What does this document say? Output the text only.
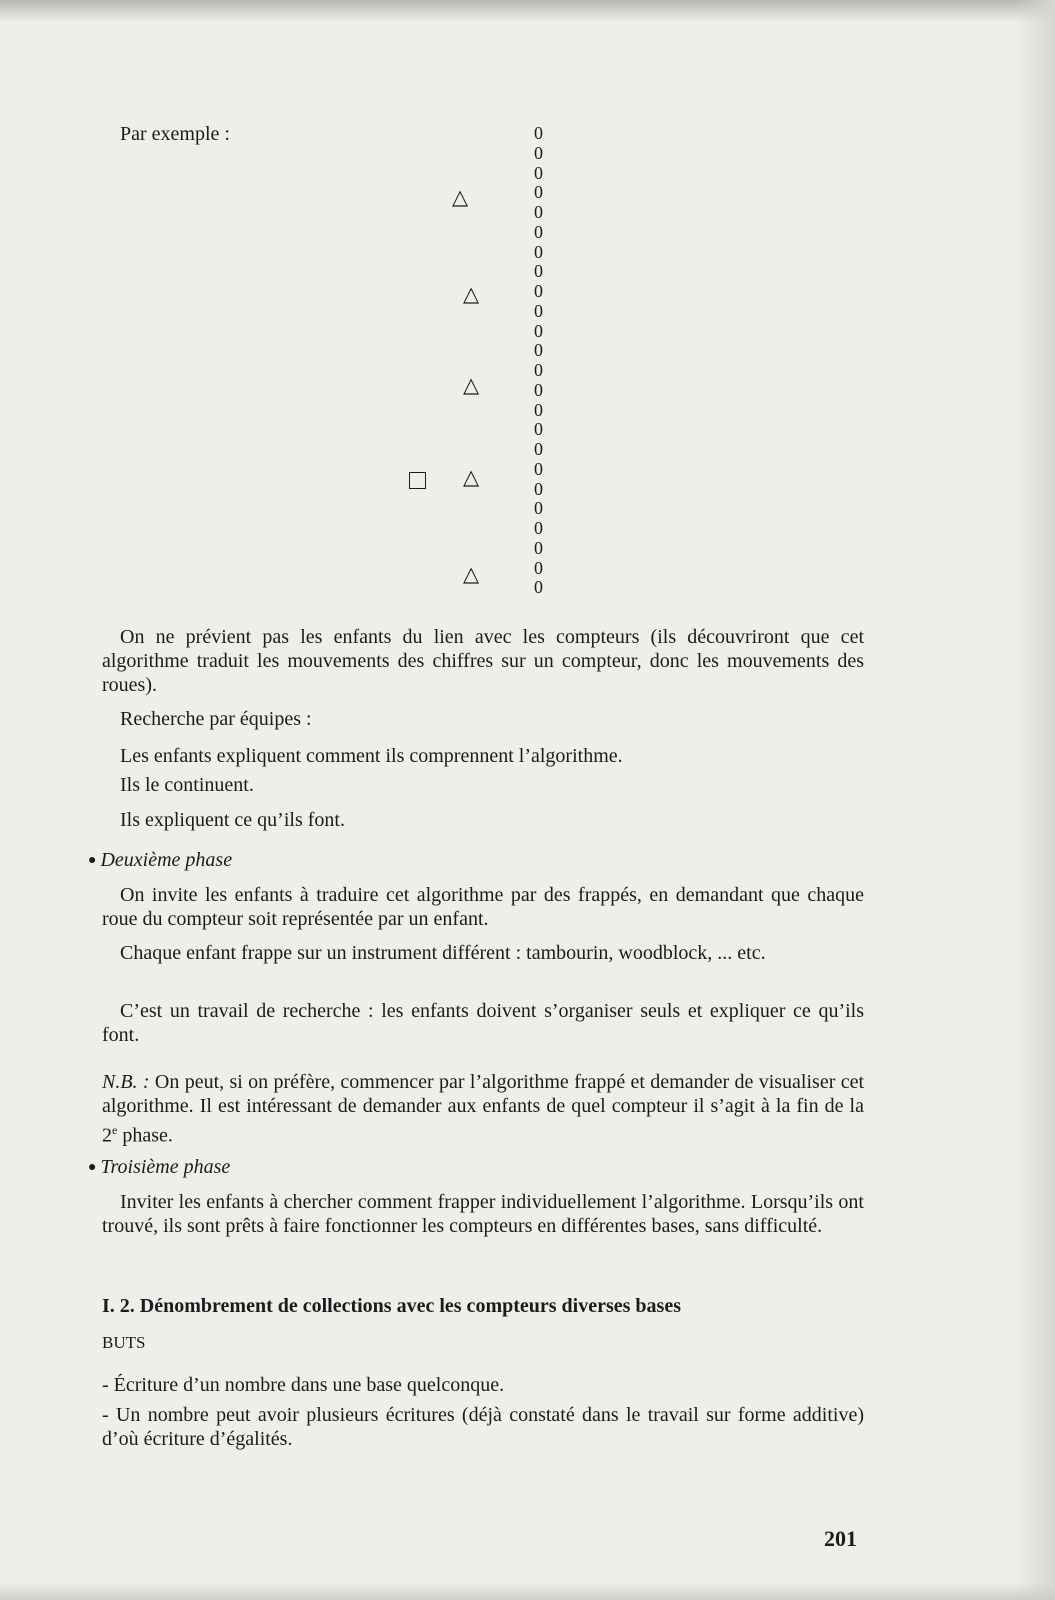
Par exemple :	0
0
0
0
0
0
0
0
0
0
0
0
0
0
0
0
0
0
0
0
0
0
0
0
△
△
△
△
△
On ne prévient pas les enfants du lien avec les compteurs (ils découvriront que cet algorithme traduit les mouvements des chiffres sur un compteur, donc les mouvements des roues).
Recherche par équipes :
Les enfants expliquent comment ils comprennent l’algorithme.
Ils le continuent.
Ils expliquent ce qu’ils font.
● Deuxième phase
On invite les enfants à traduire cet algorithme par des frappés, en demandant que chaque roue du compteur soit représentée par un enfant.
Chaque enfant frappe sur un instrument différent : tambourin, woodblock, ... etc.
C’est un travail de recherche : les enfants doivent s’organiser seuls et expliquer ce qu’ils font.
N.B. : On peut, si on préfère, commencer par l’algorithme frappé et demander de visualiser cet algorithme. Il est intéressant de demander aux enfants de quel compteur il s’agit à la fin de la 2e phase.
● Troisième phase
Inviter les enfants à chercher comment frapper individuellement l’algorithme. Lorsqu’ils ont trouvé, ils sont prêts à faire fonctionner les compteurs en différentes bases, sans difficulté.
I. 2. Dénombrement de collections avec les compteurs diverses bases
BUTS
- Écriture d’un nombre dans une base quelconque.
- Un nombre peut avoir plusieurs écritures (déjà constaté dans le travail sur forme additive) d’où écriture d’égalités.
201
